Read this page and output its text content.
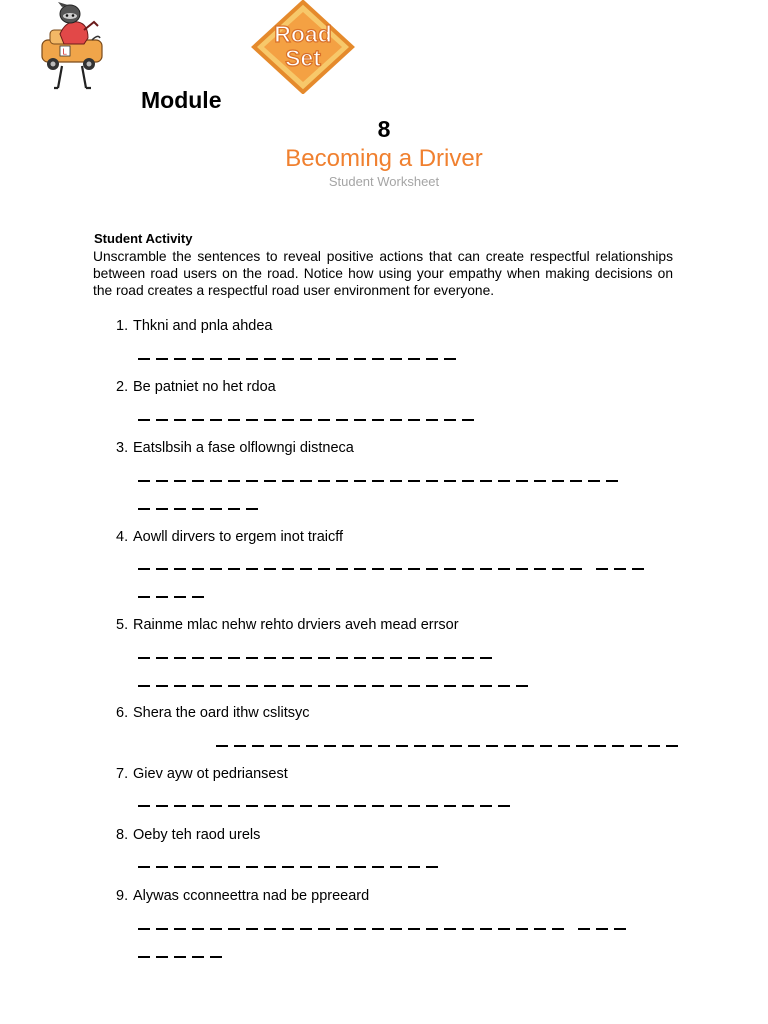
L
Road
Set
Module
8
Becoming a Driver
Student Worksheet
Student Activity
Unscramble the sentences to reveal positive actions that can create respectful relationships between road users on the road. Notice how using your empathy when making decisions on the road creates a respectful road user environment for everyone.
1. Thkni and pnla ahdea
2. Be patniet no het rdoa
3. Eatslbsih a fase olflowngi distneca
4. Aowll dirvers to ergem inot traicff
5. Rainme mlac nehw rehto drviers aveh mead errsor
6. Shera the oard ithw cslitsyc
7. Giev ayw ot pedriansest
8. Oeby teh raod urels
9. Alywas cconneettra nad be ppreeard
